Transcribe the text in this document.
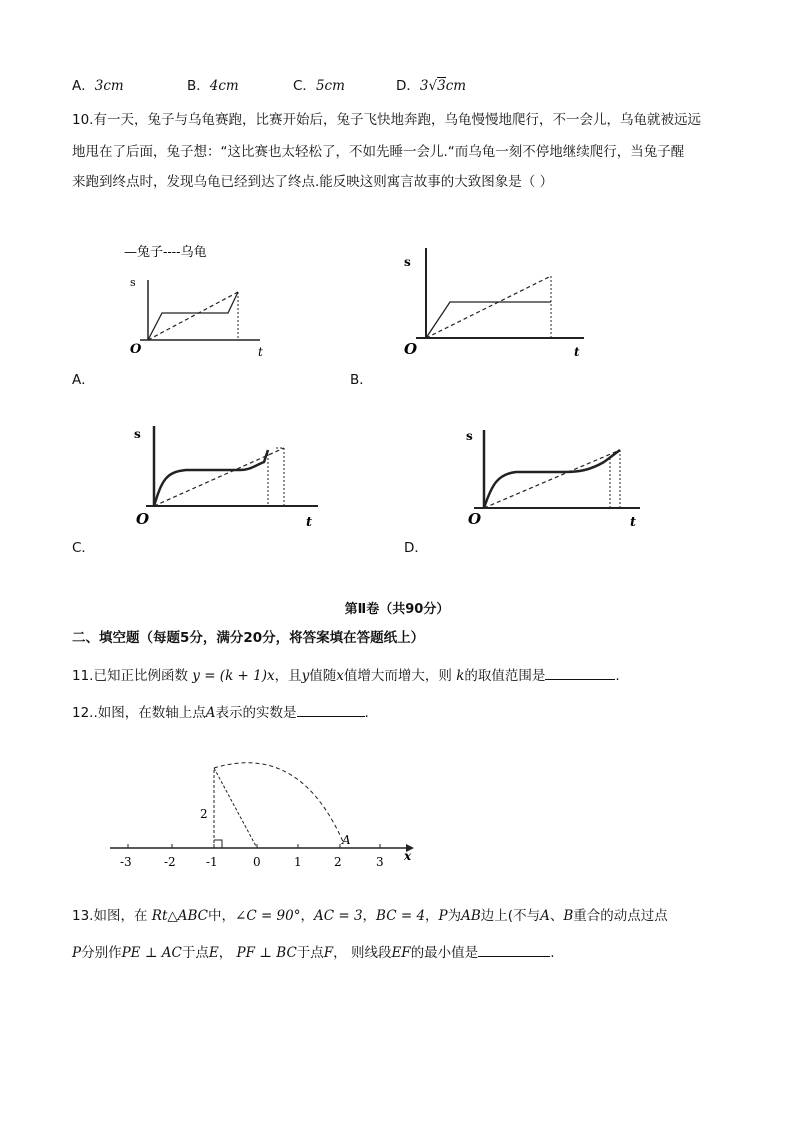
A．3cm	B．4cm	C．5cm	D．3√3cm
10.有一天，兔子与乌龟赛跑，比赛开始后，兔子飞快地奔跑，乌龟慢慢地爬行，不一会儿，乌龟就被远远
地甩在了后面，兔子想：“这比赛也太轻松了，不如先睡一会儿.“而乌龟一刻不停地继续爬行，当兔子醒
来跑到终点时，发现乌龟已经到达了终点.能反映这则寓言故事的大致图象是（ ）
—兔子----乌龟
s
t
O
A．
s
t
O
B．
s
t
O
C．
s
t
O
D．
第Ⅱ卷（共90分）
二、填空题（每题5分，满分20分，将答案填在答题纸上）
11.已知正比例函数 y = (k + 1)x，且y值随x值增大而增大，则 k的取值范围是	.
12..如图，在数轴上点A表示的实数是	.
x
-3	-2	-1	0	1	2	3
2
A
13.如图，在 Rt△ABC中，∠C = 90°，AC = 3，BC = 4，P为AB边上(不与A、B重合的动点过点
P分别作PE ⊥ AC于点E， PF ⊥ BC于点F， 则线段EF的最小值是	.
